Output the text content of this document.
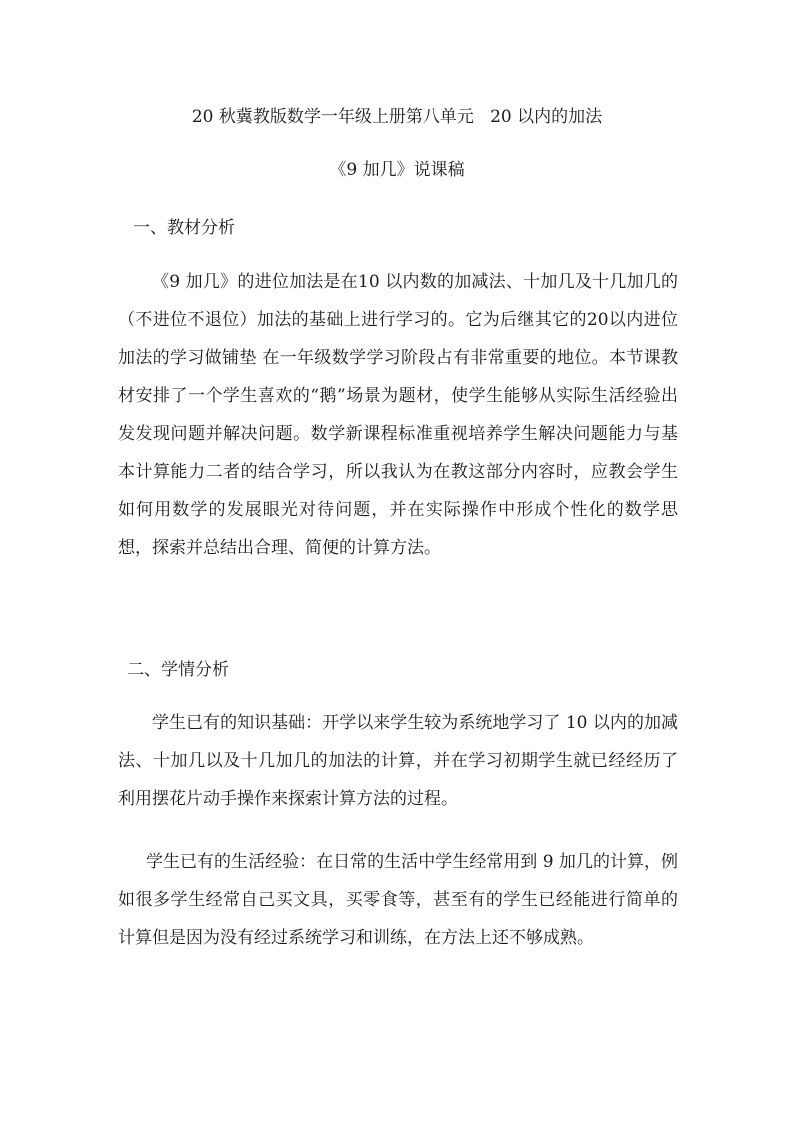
20 秋冀教版数学一年级上册第八单元   20 以内的加法
《9 加几》说课稿
一、教材分析

《9 加几》的进位加法是在10 以内数的加减法、十加几及十几加几的（不进位不退位）加法的基础上进行学习的。它为后继其它的20以内进位加法的学习做铺垫 在一年级数学学习阶段占有非常重要的地位。本节课教材安排了一个学生喜欢的“鹅”场景为题材，使学生能够从实际生活经验出发发现问题并解决问题。数学新课程标准重视培养学生解决问题能力与基本计算能力二者的结合学习，所以我认为在教这部分内容时，应教会学生如何用数学的发展眼光对待问题，并在实际操作中形成个性化的数学思想，探索并总结出合理、简便的计算方法。

二、学情分析

学生已有的知识基础：开学以来学生较为系统地学习了 10 以内的加减法、十加几以及十几加几的加法的计算，并在学习初期学生就已经经历了利用摆花片动手操作来探索计算方法的过程。

学生已有的生活经验：在日常的生活中学生经常用到 9 加几的计算，例如很多学生经常自己买文具，买零食等，甚至有的学生已经能进行简单的计算但是因为没有经过系统学习和训练，在方法上还不够成熟。
